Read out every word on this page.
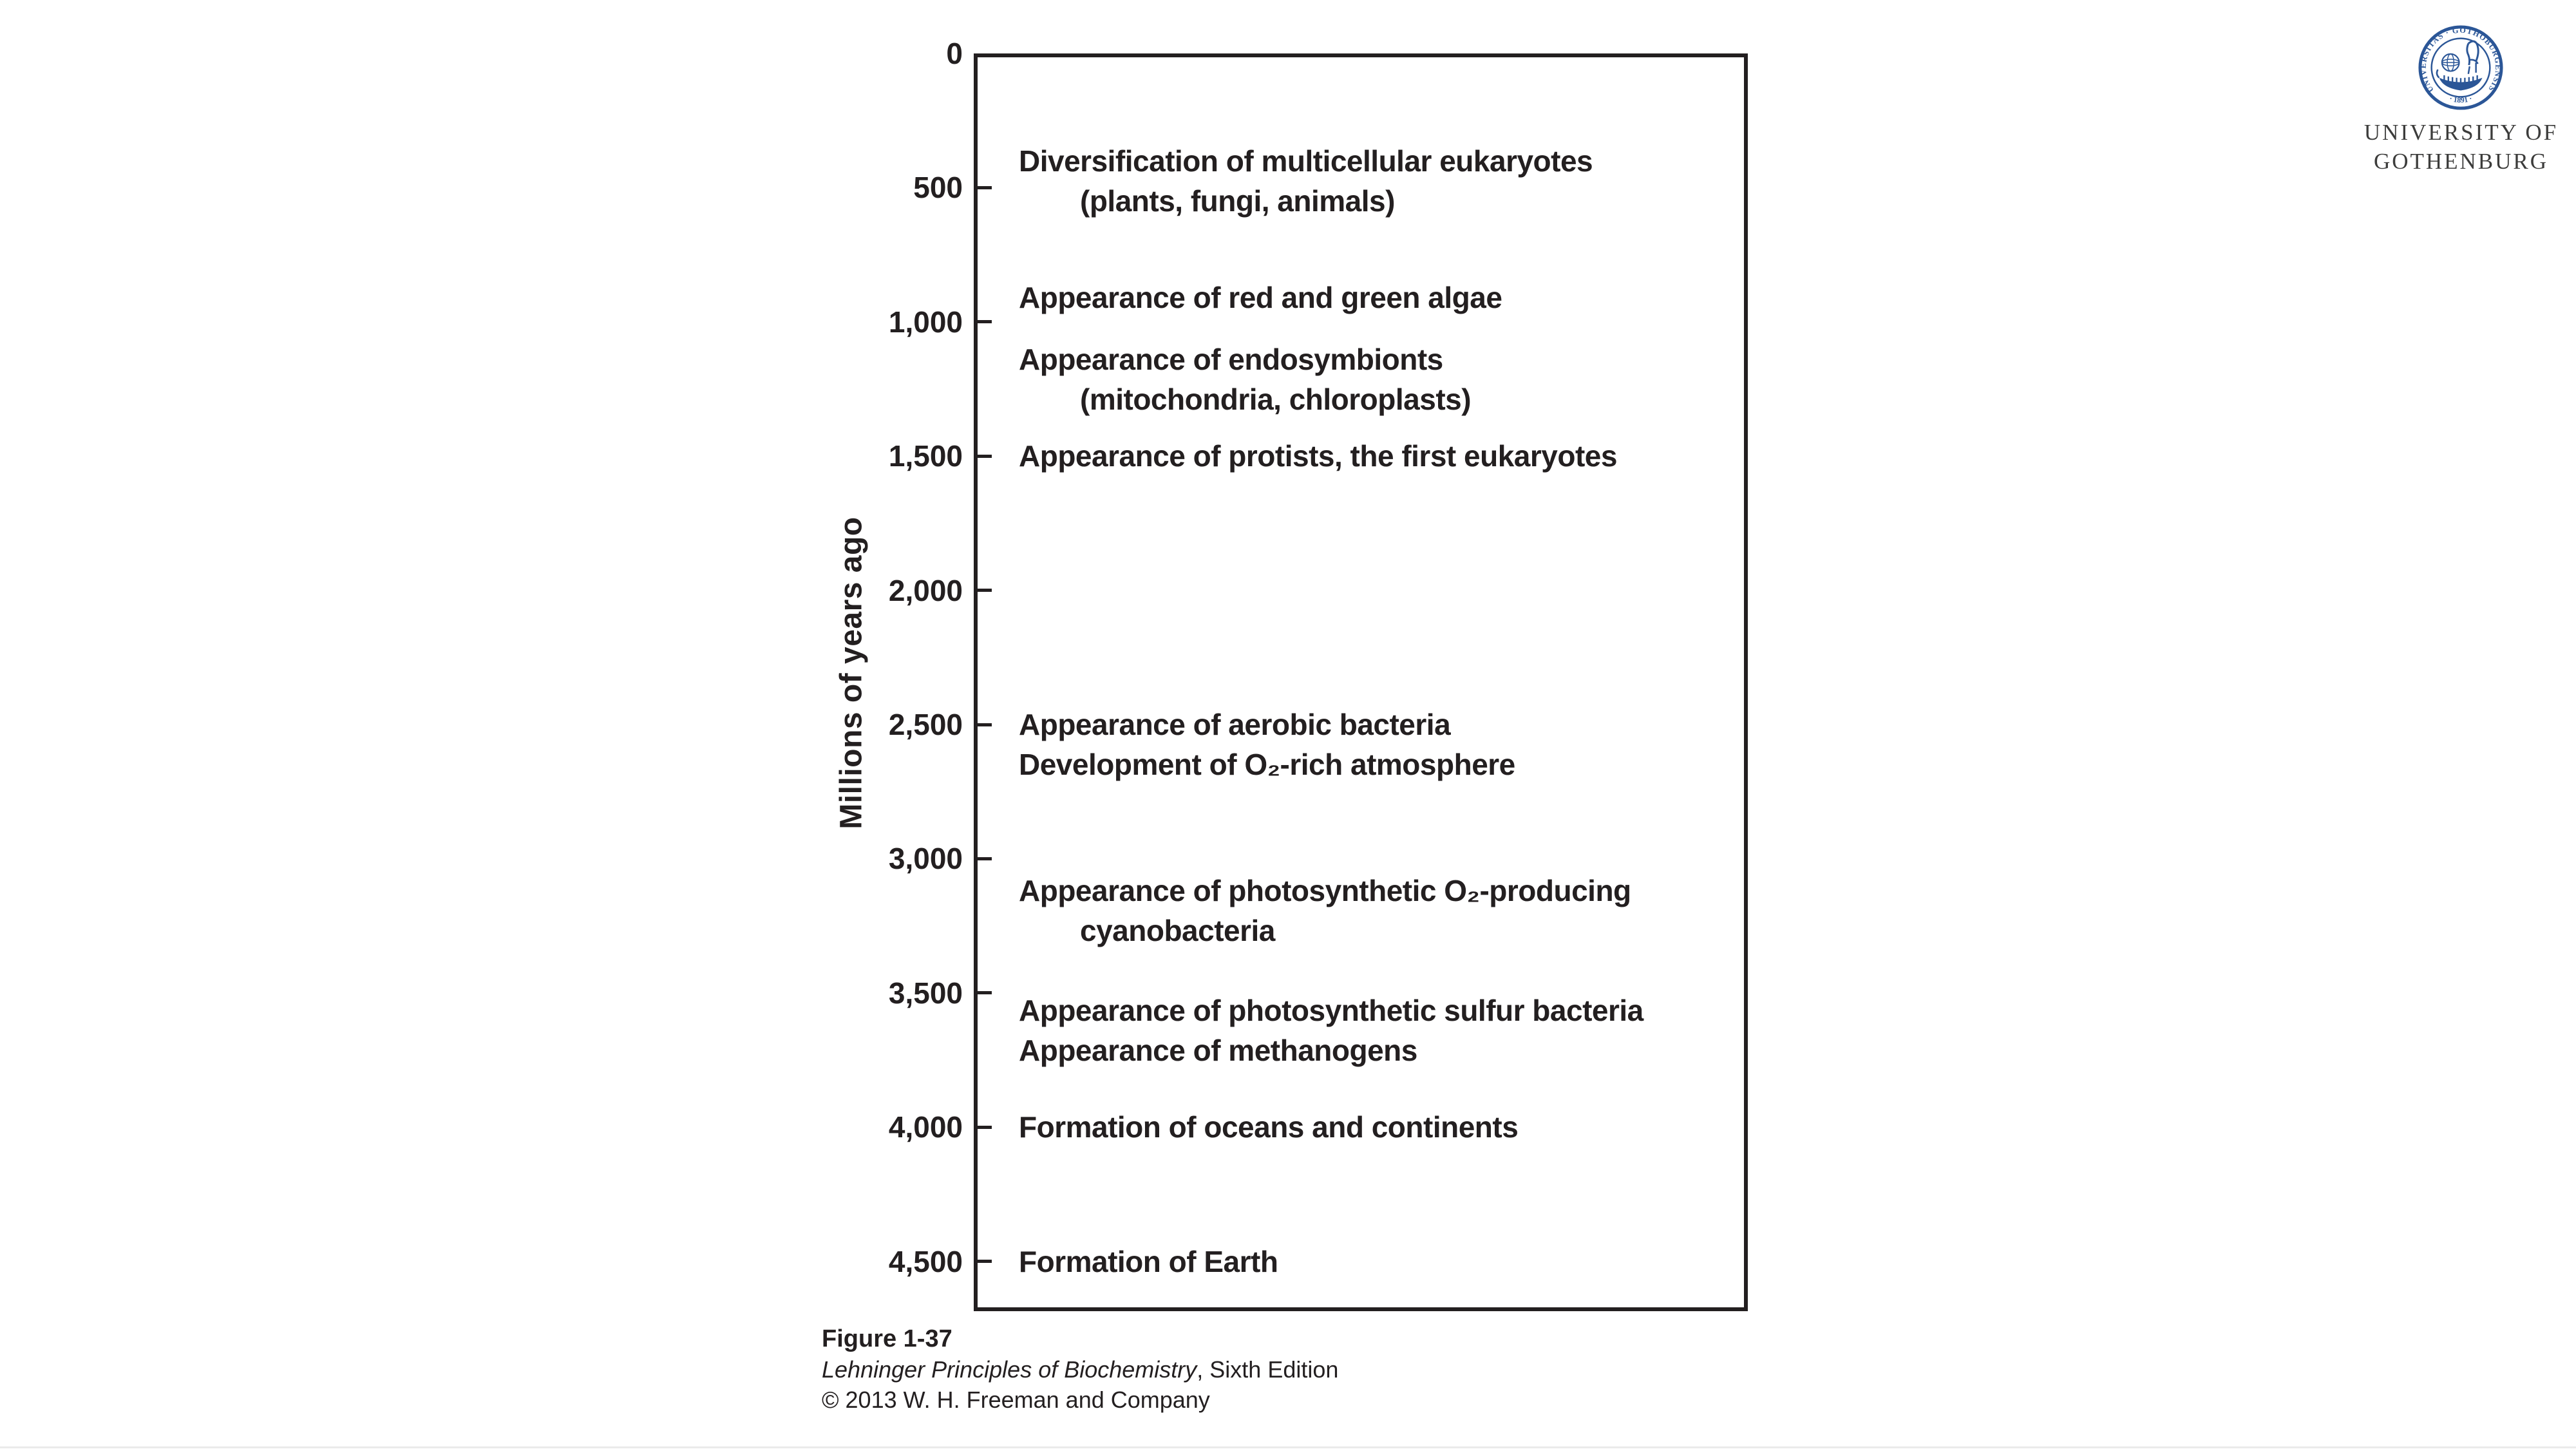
Millions of years ago
0
500
1,000
1,500
2,000
2,500
3,000
3,500
4,000
4,500
Diversification of multicellular eukaryotes
(plants, fungi, animals)
Appearance of red and green algae
Appearance of endosymbionts
(mitochondria, chloroplasts)
Appearance of protists, the first eukaryotes
Appearance of aerobic bacteria
Development of O₂-rich atmosphere
Appearance of photosynthetic O₂-producing
cyanobacteria
Appearance of photosynthetic sulfur bacteria
Appearance of methanogens
Formation of oceans and continents
Formation of Earth
Figure 1-37
Lehninger Principles of Biochemistry, Sixth Edition
© 2013 W. H. Freeman and Company
UNIVERSITAS · GOTHOBURGENSIS
· 1891 ·
UNIVERSITY OF
GOTHENBURG
